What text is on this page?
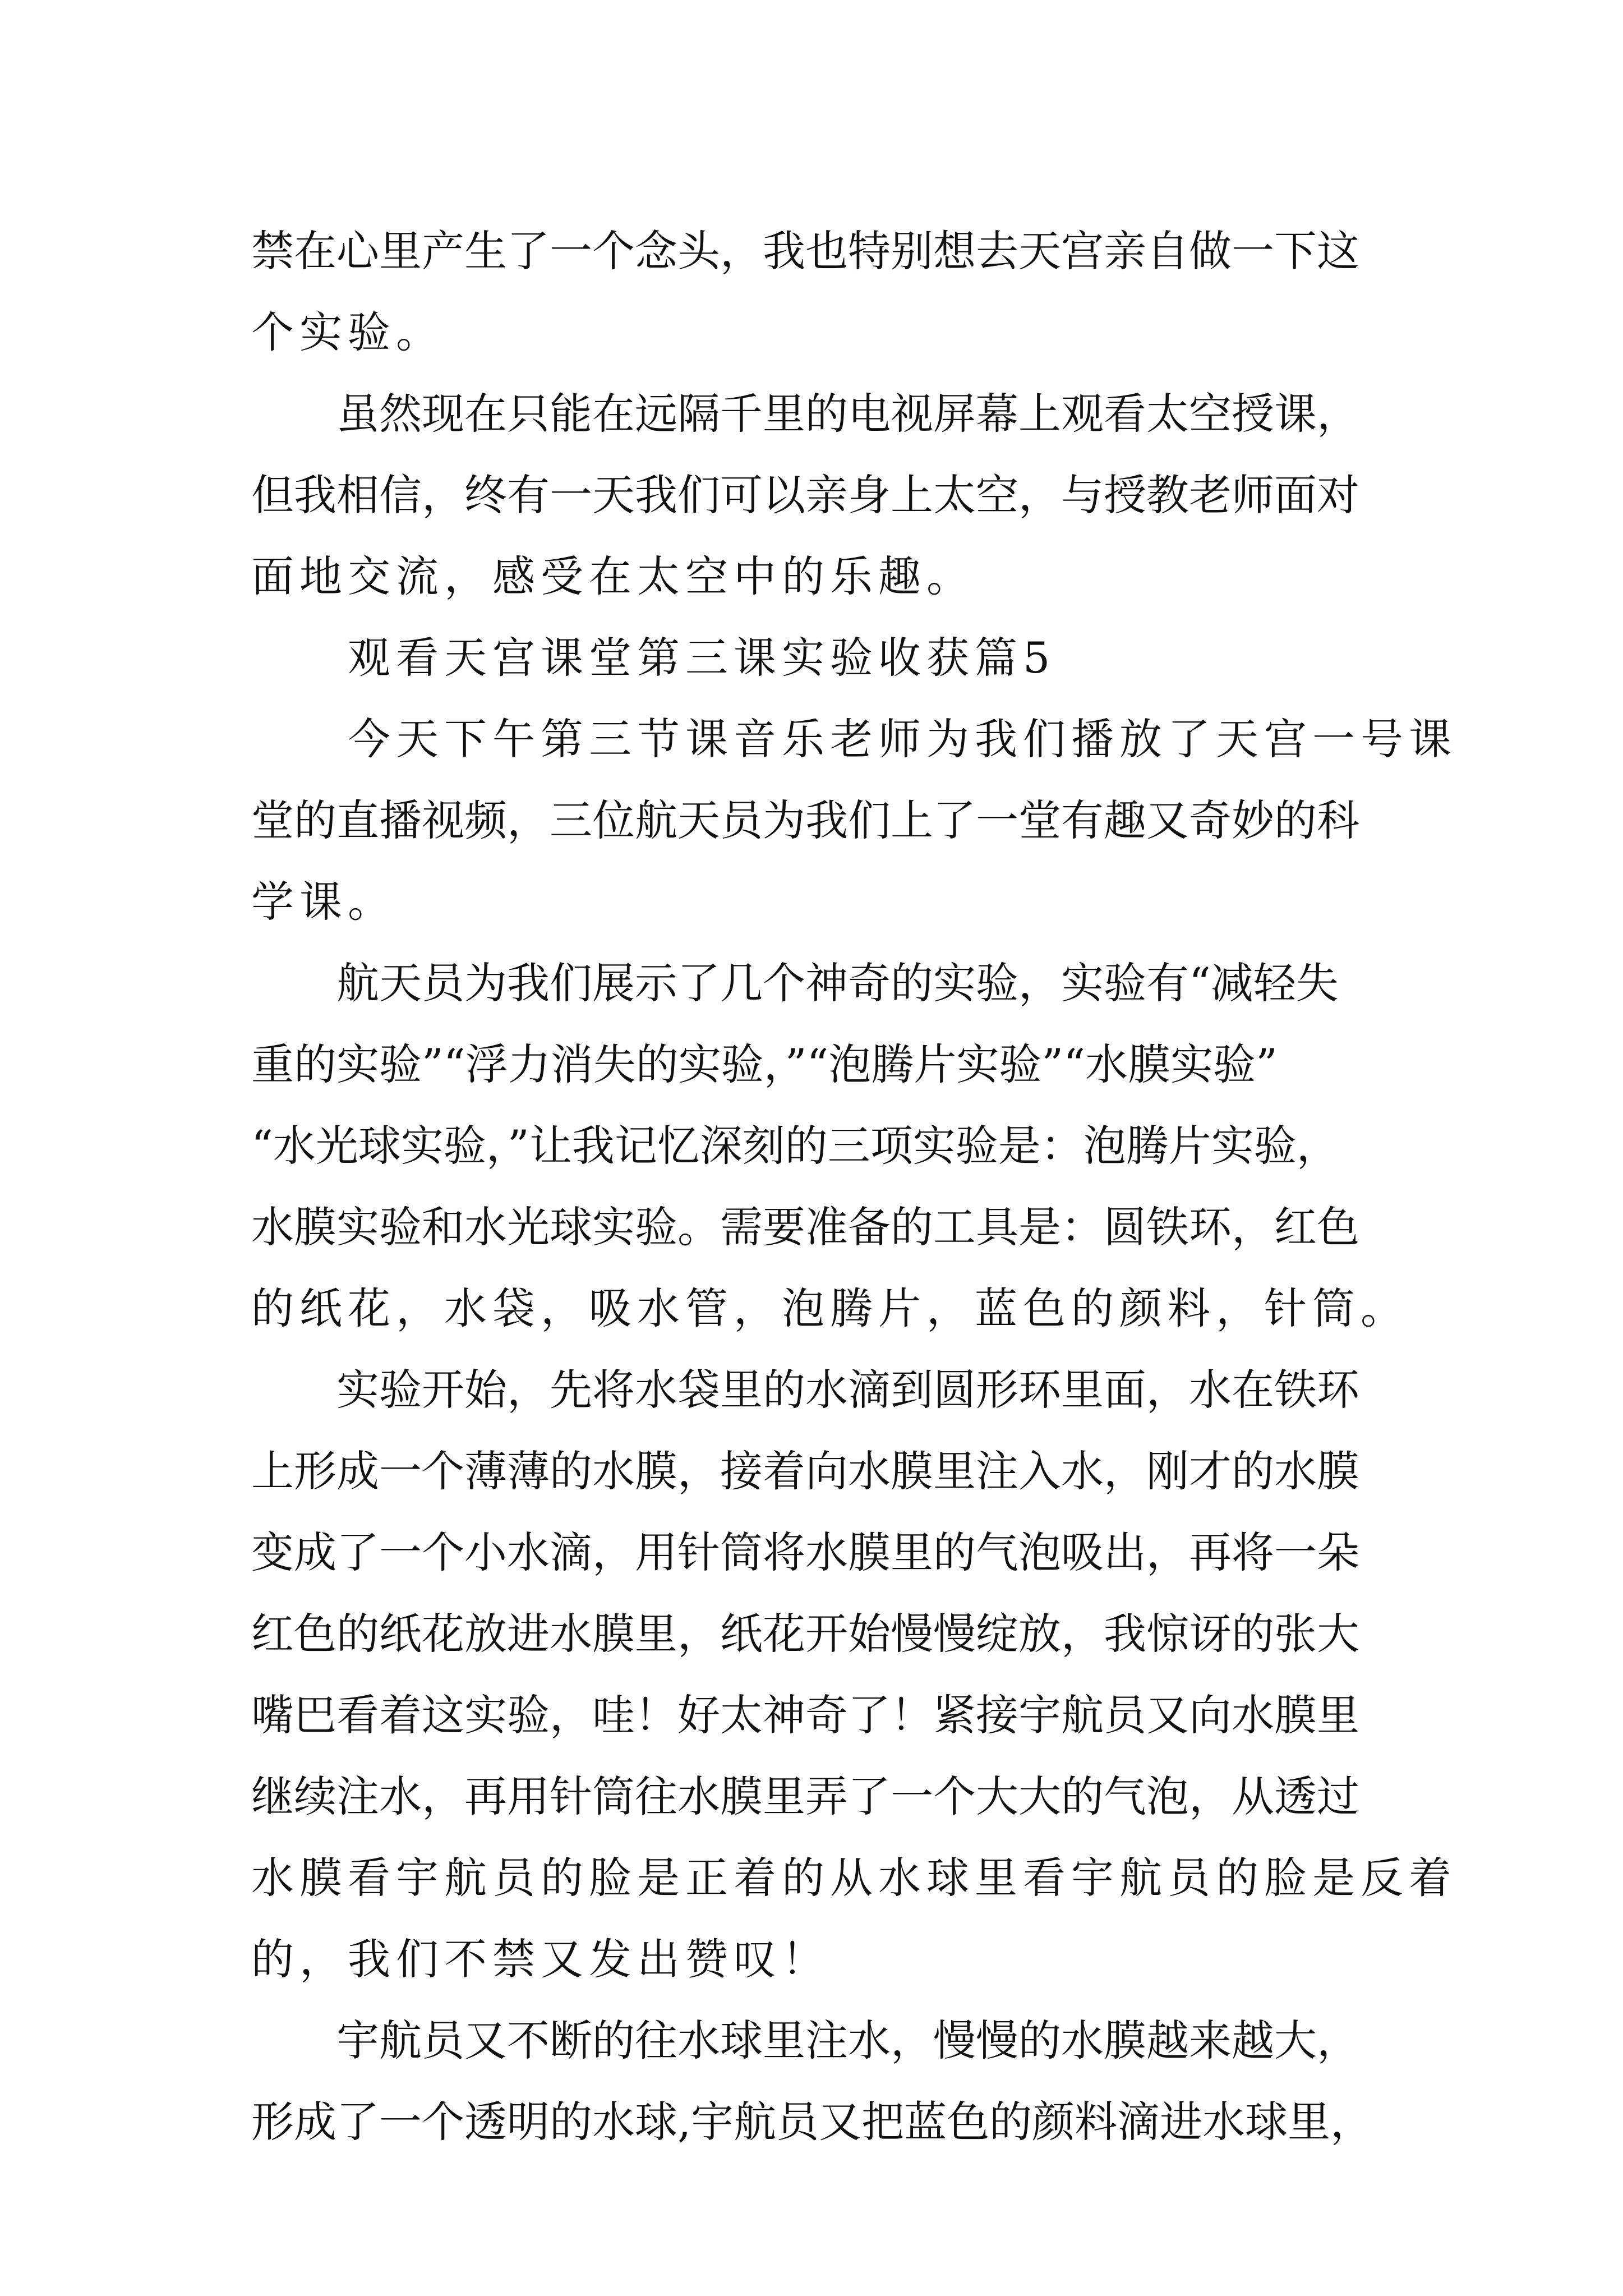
禁在心里产生了一个念头，我也特别想去天宫亲自做一下这
个实验。
　　虽然现在只能在远隔千里的电视屏幕上观看太空授课，
但我相信，终有一天我们可以亲身上太空，与授教老师面对
面地交流，感受在太空中的乐趣。
　　观看天宫课堂第三课实验收获篇5
　　今天下午第三节课音乐老师为我们播放了天宫一号课
堂的直播视频，三位航天员为我们上了一堂有趣又奇妙的科
学课。
　　航天员为我们展示了几个神奇的实验，实验有“减轻失
重的实验”“浮力消失的实验，”“泡腾片实验”“水膜实验”
“水光球实验，”让我记忆深刻的三项实验是：泡腾片实验，
水膜实验和水光球实验。需要准备的工具是：圆铁环，红色
的纸花，水袋，吸水管，泡腾片，蓝色的颜料，针筒。
　　实验开始，先将水袋里的水滴到圆形环里面，水在铁环
上形成一个薄薄的水膜，接着向水膜里注入水，刚才的水膜
变成了一个小水滴，用针筒将水膜里的气泡吸出，再将一朵
红色的纸花放进水膜里，纸花开始慢慢绽放，我惊讶的张大
嘴巴看着这实验，哇！好太神奇了！紧接宇航员又向水膜里
继续注水，再用针筒往水膜里弄了一个大大的气泡，从透过
水膜看宇航员的脸是正着的从水球里看宇航员的脸是反着
的，我们不禁又发出赞叹！
　　宇航员又不断的往水球里注水，慢慢的水膜越来越大，
形成了一个透明的水球,宇航员又把蓝色的颜料滴进水球里，
